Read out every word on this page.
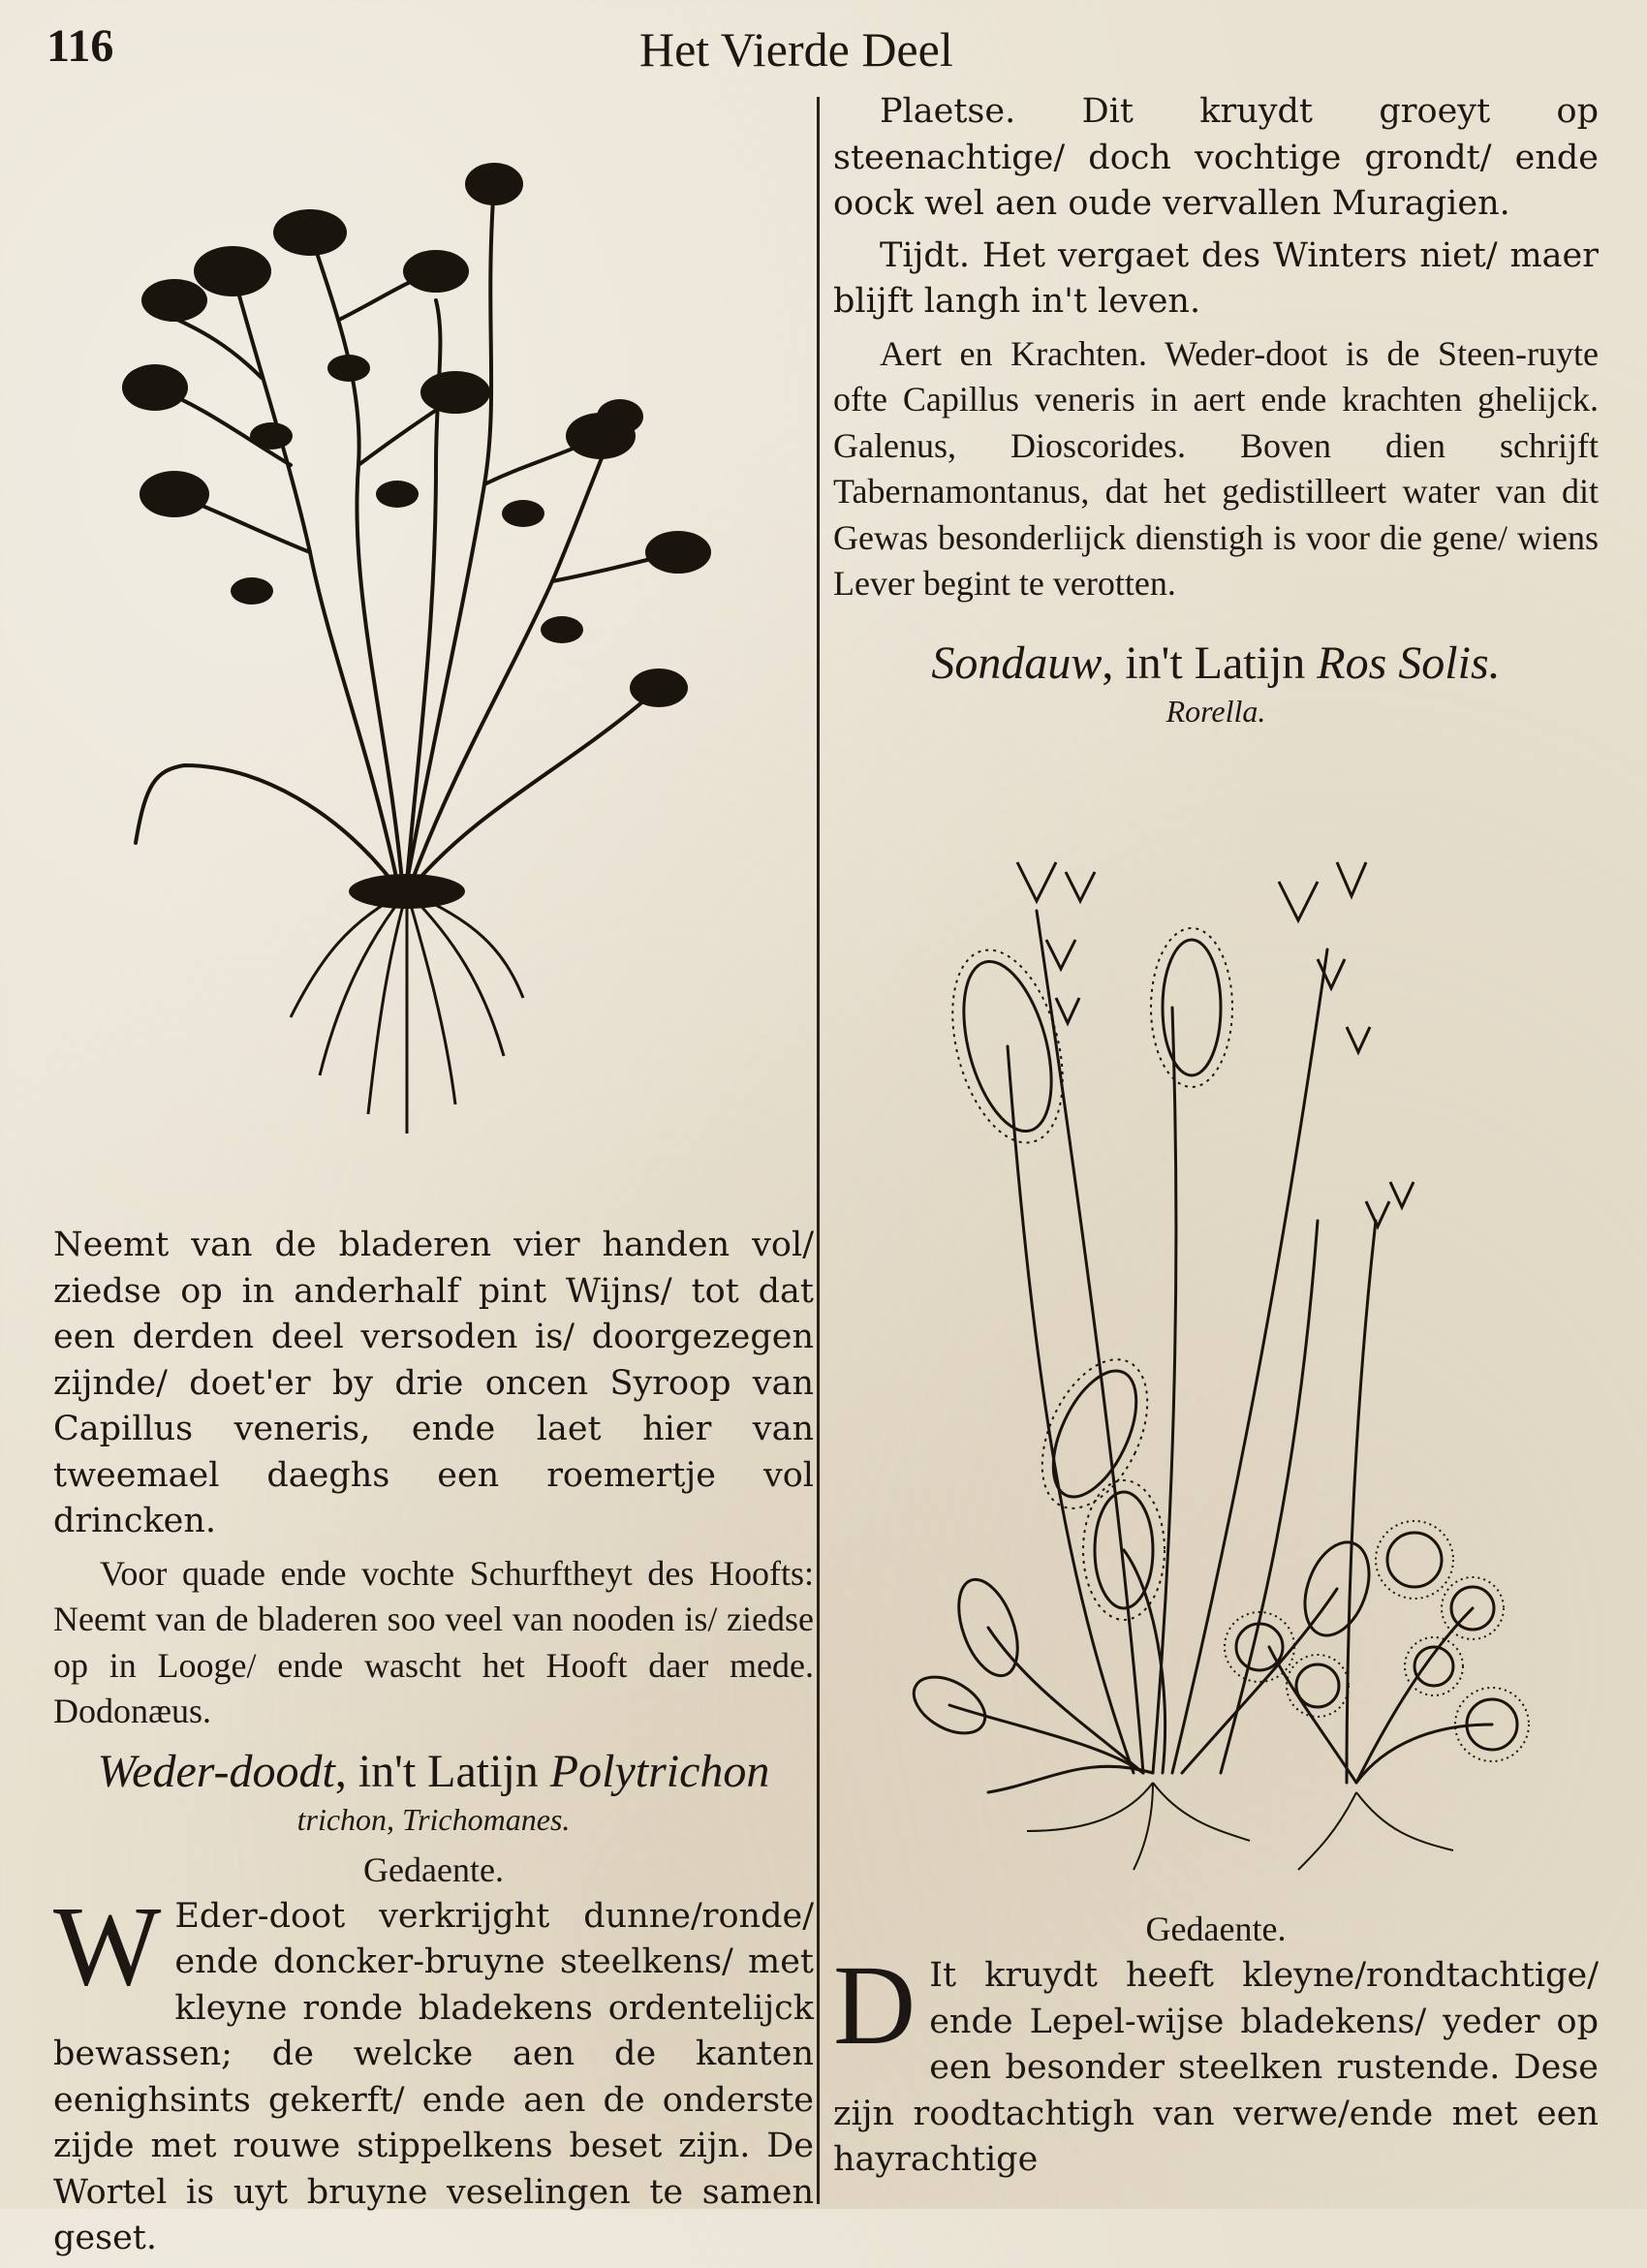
116	Het Vierde Deel

Neemt van de bladeren vier handen vol/ ziedse op in anderhalf pint Wijns/ tot dat een derden deel versoden is/ doorgezegen zijnde/ doet'er by drie oncen Syroop van Capillus veneris, ende laet hier van tweemael daeghs een roemertje vol drincken.

Voor quade ende vochte Schurftheyt des Hoofts: Neemt van de bladeren soo veel van nooden is/ ziedse op in Looge/ ende wascht het Hooft daer mede. Dodonæus.

Weder-doodt, in't Latijn Polytrichon

trichon, Trichomanes.

Gedaente.

W Eder-doot verkrijght dunne/ronde/ ende doncker-bruyne steelkens/ met kleyne ronde bladekens ordentelijck bewassen; de welcke aen de kanten eenighsints gekerft/ ende aen de onderste zijde met rouwe stippelkens beset zijn. De Wortel is uyt bruyne veselingen te samen geset.

Plaetse. Dit kruydt groeyt op steenachtige/ doch vochtige grondt/ ende oock wel aen oude vervallen Muragien.

Tijdt. Het vergaet des Winters niet/ maer blijft langh in't leven.

Aert en Krachten. Weder-doot is de Steen-ruyte ofte Capillus veneris in aert ende krachten ghelijck. Galenus, Dioscorides. Boven dien schrijft Tabernamontanus, dat het gedistilleert water van dit Gewas besonderlijck dienstigh is voor die gene/ wiens Lever begint te verotten.

Sondauw, in't Latijn Ros Solis.

Rorella.

Gedaente.

D It kruydt heeft kleyne/rondtachtige/ ende Lepel-wijse bladekens/ yeder op een besonder steelken rustende. Dese zijn roodtachtigh van verwe/ende met een hayrachtige
